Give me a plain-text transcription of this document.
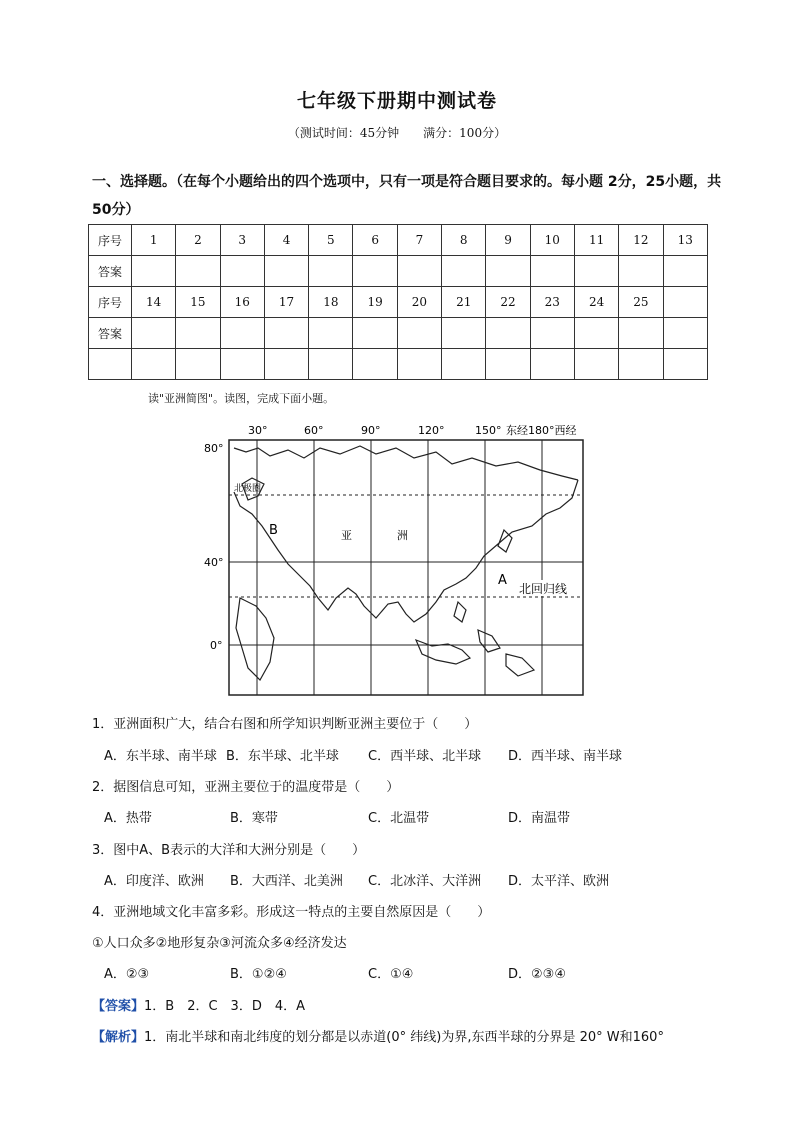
七年级下册期中测试卷
（测试时间：45分钟　　满分：100分）
一、选择题。（在每个小题给出的四个选项中，只有一项是符合题目要求的。每小题 2分，25小题，共50分）
序号	1	2	3	4	5	6	7	8	9	10	11	12	13
答案													
序号	14	15	16	17	18	19	20	21	22	23	24	25	
答案													

读"亚洲简图"。读图，完成下面小题。
30°	60°	90°	120°	150° 东经180°西经
80°
40°
0°
北极圈
B	亚	洲
A
北回归线
1．亚洲面积广大，结合右图和所学知识判断亚洲主要位于（　　）
A．东半球、南半球 B．东半球、北半球 C．西半球、北半球 D．西半球、南半球
2．据图信息可知，亚洲主要位于的温度带是（　　）
A．热带	B．寒带	C．北温带	D．南温带
3．图中A、B表示的大洋和大洲分别是（　　）
A．印度洋、欧洲 B．大西洋、北美洲 C．北冰洋、大洋洲 D．太平洋、欧洲
4．亚洲地域文化丰富多彩。形成这一特点的主要自然原因是（　　）
①人口众多②地形复杂③河流众多④经济发达
A．②③	B．①②④	C．①④	D．②③④
【答案】1．B　2．C　3．D　4．A
【解析】1．南北半球和南北纬度的划分都是以赤道(0° 纬线)为界,东西半球的分界是 20° W和160°
